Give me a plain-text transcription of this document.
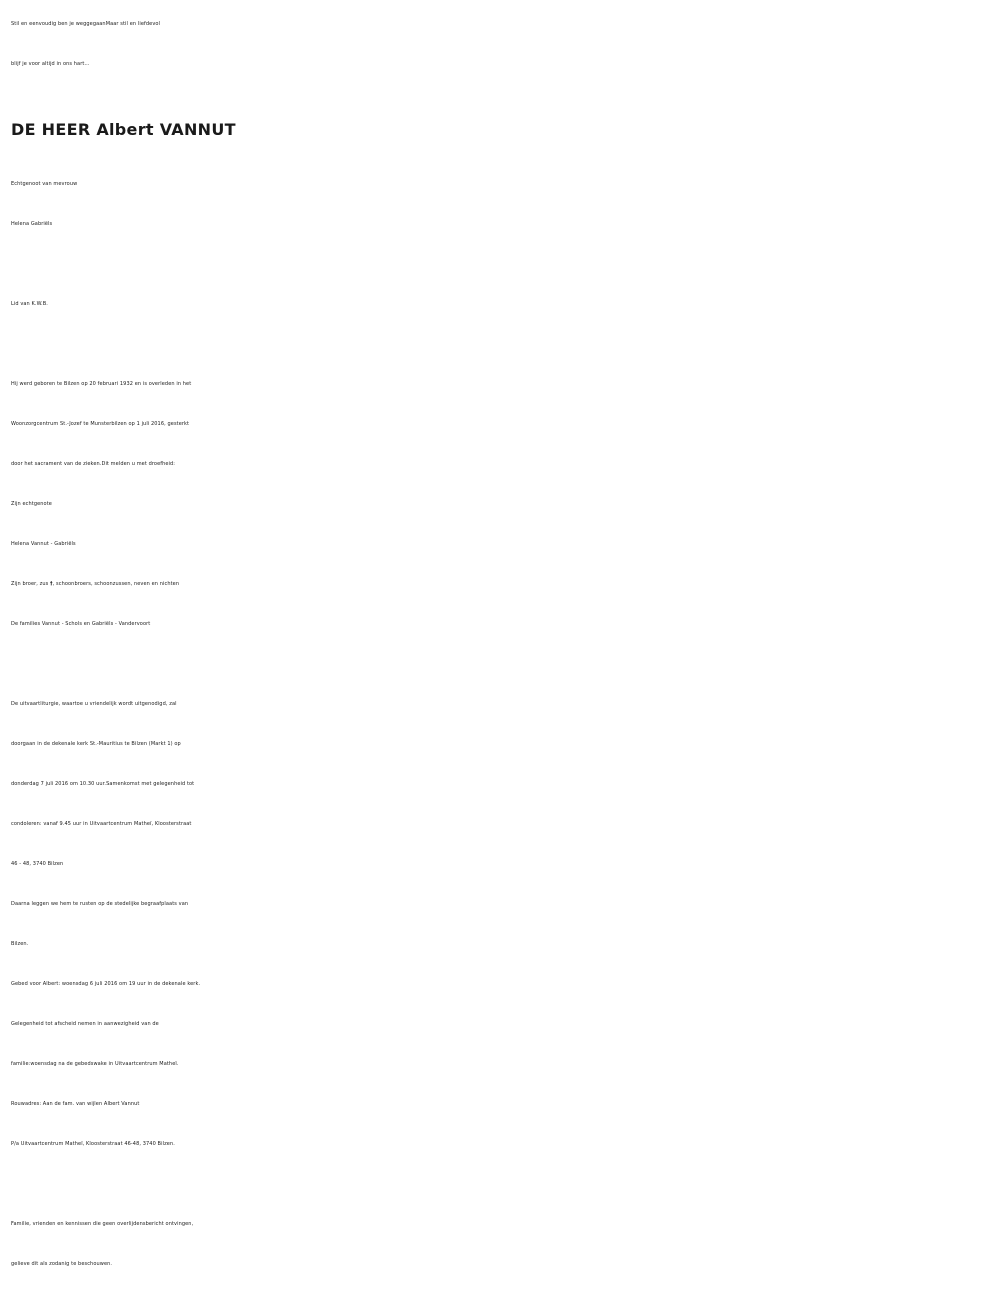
Stil en eenvoudig ben je weggegaanMaar stil en liefdevol
blijf je voor altijd in ons hart...
DE HEER Albert VANNUT
Echtgenoot van mevrouw
Helena Gabriëls
Lid van K.W.B.
Hij werd geboren te Bilzen op 20 februari 1932 en is overleden in het
Woonzorgcentrum St.-Jozef te Munsterbilzen op 1 juli 2016, gesterkt
door het sacrament van de zieken.Dit melden u met droefheid:
Zijn echtgenote
Helena Vannut - Gabriëls
Zijn broer, zus †, schoonbroers, schoonzussen, neven en nichten
De families Vannut - Schols en Gabriëls - Vandervoort
De uitvaartliturgie, waartoe u vriendelijk wordt uitgenodigd, zal
doorgaan in de dekenale kerk St.-Mauritius te Bilzen (Markt 1) op
donderdag 7 juli 2016 om 10.30 uur.Samenkomst met gelegenheid tot
condoleren: vanaf 9.45 uur in Uitvaartcentrum Matheï, Kloosterstraat
46 - 48, 3740 Bilzen
Daarna leggen we hem te rusten op de stedelijke begraafplaats van
Bilzen.
Gebed voor Albert: woensdag 6 juli 2016 om 19 uur in de dekenale kerk.
Gelegenheid tot afscheid nemen in aanwezigheid van de
familie:woensdag na de gebedswake in Uitvaartcentrum Matheï.
Rouwadres: Aan de fam. van wijlen Albert Vannut
P/a Uitvaartcentrum Matheï, Kloosterstraat 46-48, 3740 Bilzen.
Familie, vrienden en kennissen die geen overlijdensbericht ontvingen,
gelieve dit als zodanig te beschouwen.
